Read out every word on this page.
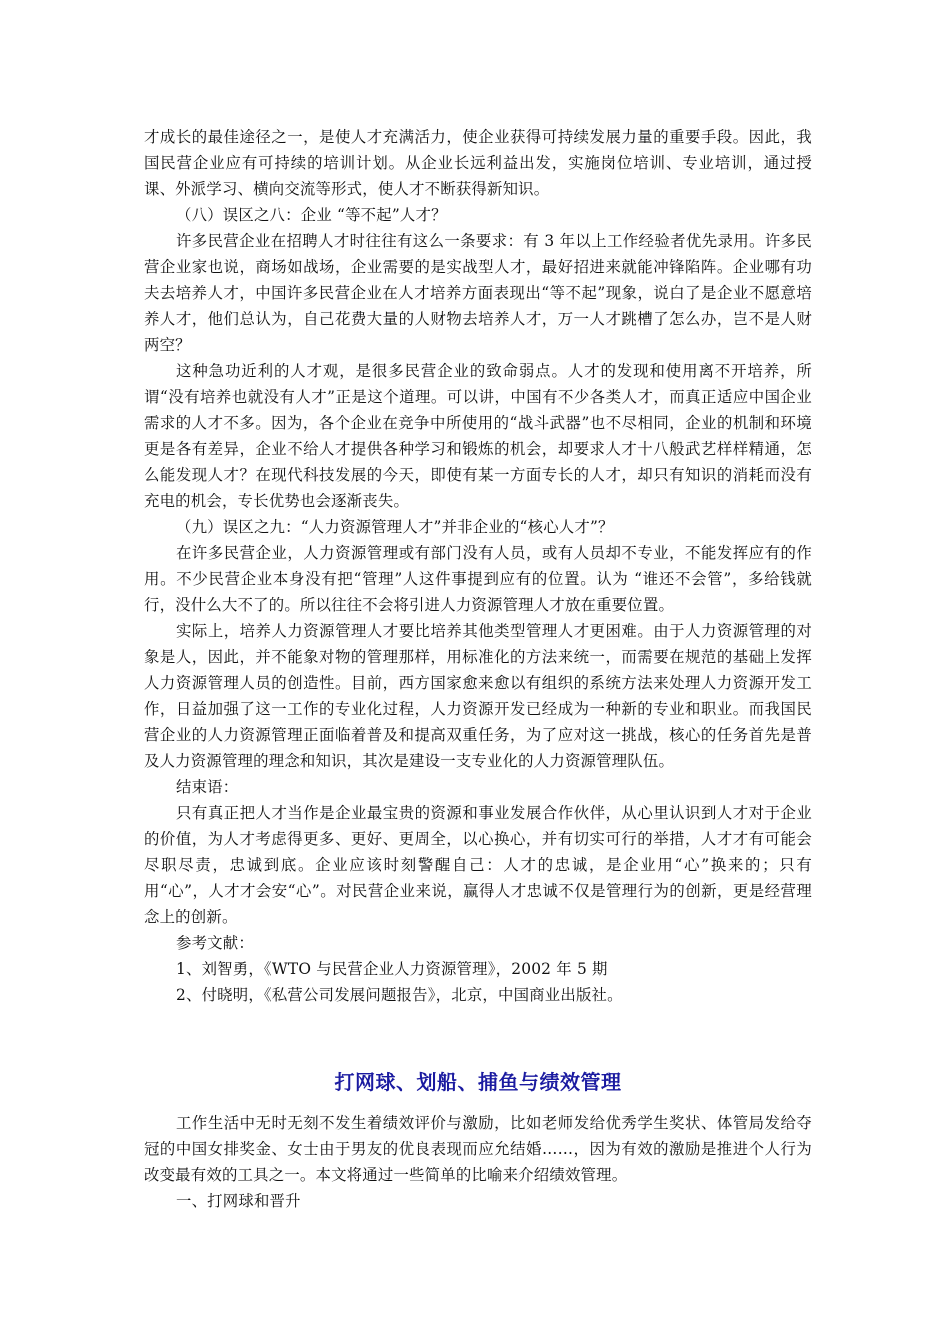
才成长的最佳途径之一，是使人才充满活力，使企业获得可持续发展力量的重要手段。因此，我国民营企业应有可持续的培训计划。从企业长远利益出发，实施岗位培训、专业培训，通过授课、外派学习、横向交流等形式，使人才不断获得新知识。

（八）误区之八：企业 “等不起”人才？

许多民营企业在招聘人才时往往有这么一条要求：有 3 年以上工作经验者优先录用。许多民营企业家也说，商场如战场，企业需要的是实战型人才，最好招进来就能冲锋陷阵。企业哪有功夫去培养人才，中国许多民营企业在人才培养方面表现出“等不起”现象，说白了是企业不愿意培养人才，他们总认为，自己花费大量的人财物去培养人才，万一人才跳槽了怎么办，岂不是人财两空？

这种急功近利的人才观，是很多民营企业的致命弱点。人才的发现和使用离不开培养，所谓“没有培养也就没有人才”正是这个道理。可以讲，中国有不少各类人才，而真正适应中国企业需求的人才不多。因为，各个企业在竞争中所使用的“战斗武器”也不尽相同，企业的机制和环境更是各有差异，企业不给人才提供各种学习和锻炼的机会，却要求人才十八般武艺样样精通，怎么能发现人才？在现代科技发展的今天，即使有某一方面专长的人才，却只有知识的消耗而没有充电的机会，专长优势也会逐渐丧失。

（九）误区之九：“人力资源管理人才”并非企业的“核心人才”？

在许多民营企业，人力资源管理或有部门没有人员，或有人员却不专业，不能发挥应有的作用。不少民营企业本身没有把“管理”人这件事提到应有的位置。认为 “谁还不会管”，多给钱就行，没什么大不了的。所以往往不会将引进人力资源管理人才放在重要位置。

实际上，培养人力资源管理人才要比培养其他类型管理人才更困难。由于人力资源管理的对象是人，因此，并不能象对物的管理那样，用标准化的方法来统一，而需要在规范的基础上发挥人力资源管理人员的创造性。目前，西方国家愈来愈以有组织的系统方法来处理人力资源开发工作，日益加强了这一工作的专业化过程，人力资源开发已经成为一种新的专业和职业。而我国民营企业的人力资源管理正面临着普及和提高双重任务，为了应对这一挑战，核心的任务首先是普及人力资源管理的理念和知识，其次是建设一支专业化的人力资源管理队伍。

结束语：

只有真正把人才当作是企业最宝贵的资源和事业发展合作伙伴，从心里认识到人才对于企业的价值，为人才考虑得更多、更好、更周全，以心换心，并有切实可行的举措，人才才有可能会尽职尽责，忠诚到底。企业应该时刻警醒自己：人才的忠诚，是企业用“心”换来的；只有用“心”，人才才会安“心”。对民营企业来说，赢得人才忠诚不仅是管理行为的创新，更是经营理念上的创新。

参考文献：

1、刘智勇，《WTO 与民营企业人力资源管理》，2002 年 5 期

2、付晓明，《私营公司发展问题报告》，北京，中国商业出版社。

打网球、划船、捕鱼与绩效管理

工作生活中无时无刻不发生着绩效评价与激励，比如老师发给优秀学生奖状、体管局发给夺冠的中国女排奖金、女士由于男友的优良表现而应允结婚……，因为有效的激励是推进个人行为改变最有效的工具之一。本文将通过一些简单的比喻来介绍绩效管理。

一、打网球和晋升
